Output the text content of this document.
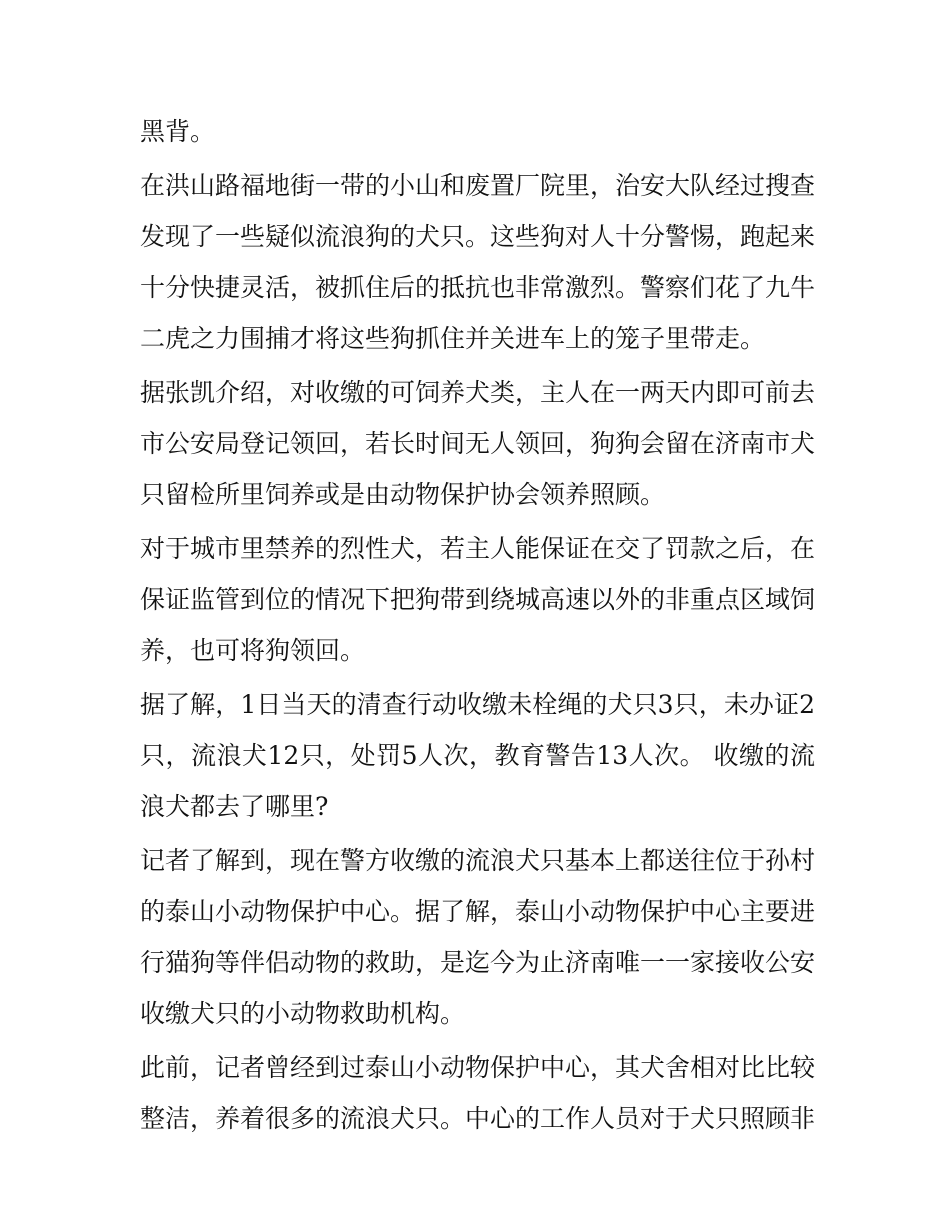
黑背。

在洪山路福地街一带的小山和废置厂院里，治安大队经过搜查发现了一些疑似流浪狗的犬只。这些狗对人十分警惕，跑起来十分快捷灵活，被抓住后的抵抗也非常激烈。警察们花了九牛二虎之力围捕才将这些狗抓住并关进车上的笼子里带走。

据张凯介绍，对收缴的可饲养犬类，主人在一两天内即可前去市公安局登记领回，若长时间无人领回，狗狗会留在济南市犬只留检所里饲养或是由动物保护协会领养照顾。

对于城市里禁养的烈性犬，若主人能保证在交了罚款之后，在保证监管到位的情况下把狗带到绕城高速以外的非重点区域饲养，也可将狗领回。

据了解，1日当天的清查行动收缴未栓绳的犬只3只，未办证2只，流浪犬12只，处罚5人次，教育警告13人次。 收缴的流浪犬都去了哪里?

记者了解到，现在警方收缴的流浪犬只基本上都送往位于孙村的泰山小动物保护中心。据了解，泰山小动物保护中心主要进行猫狗等伴侣动物的救助，是迄今为止济南唯一一家接收公安收缴犬只的小动物救助机构。

此前，记者曾经到过泰山小动物保护中心，其犬舍相对比比较整洁，养着很多的流浪犬只。中心的工作人员对于犬只照顾非
